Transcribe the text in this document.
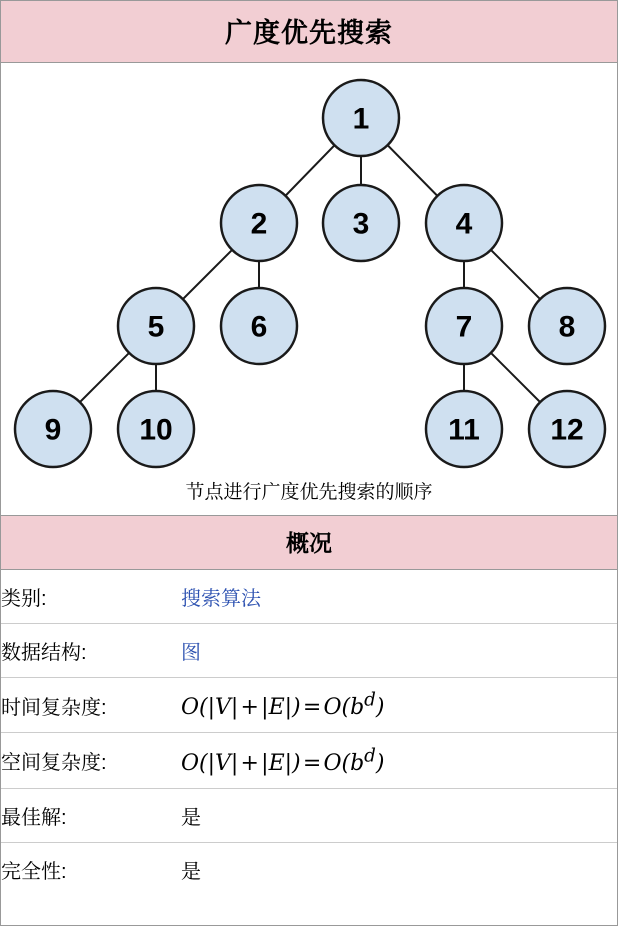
广度优先搜索
1
2	3	4
5	6	7	8
9	10	11 12
节点进行广度优先搜索的顺序
概况
类别:	搜索算法
数据结构:	图
时间复杂度:	O(|V| + |E|) = $O(b^d)$
空间复杂度:	O(|V| + |E|) = $O(b^d)$
最佳解:	是
完全性:	是
